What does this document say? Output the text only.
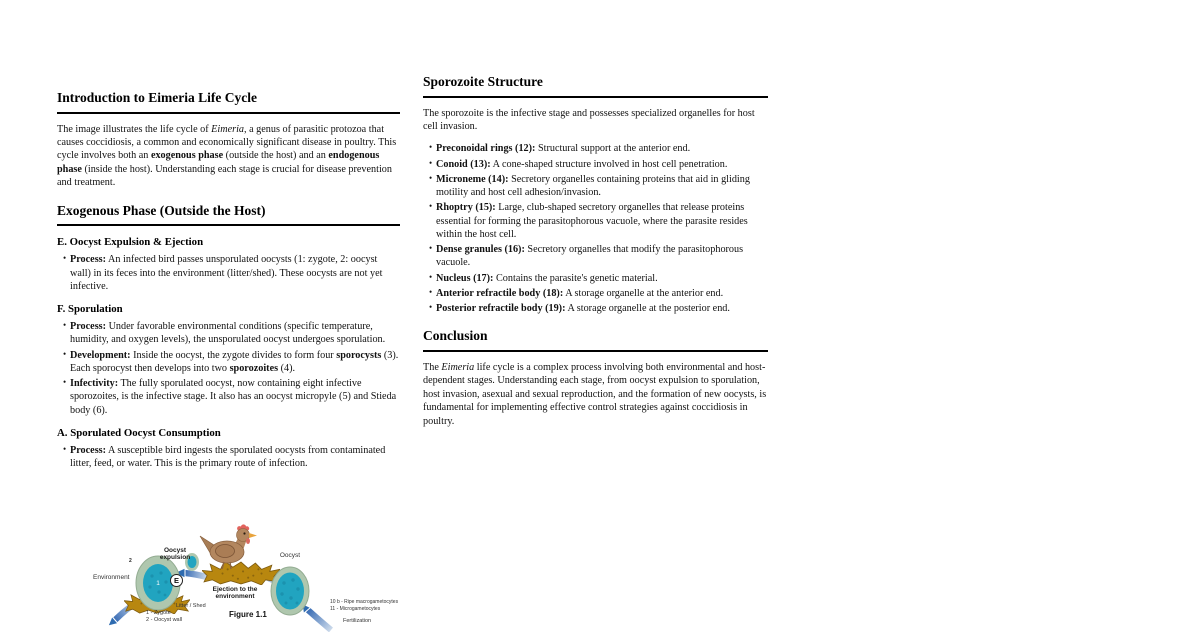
Introduction to Eimeria Life Cycle

The image illustrates the life cycle of Eimeria, a genus of parasitic protozoa that causes coccidiosis, a common and economically significant disease in poultry. This cycle involves both an exogenous phase (outside the host) and an endogenous phase (inside the host). Understanding each stage is crucial for disease prevention and treatment.

Exogenous Phase (Outside the Host)
E. Oocyst Expulsion & Ejection
• Process: An infected bird passes unsporulated oocysts (1: zygote, 2: oocyst wall) in its feces into the environment (litter/shed). These oocysts are not yet infective.
F. Sporulation
• Process: Under favorable environmental conditions (specific temperature, humidity, and oxygen levels), the unsporulated oocyst undergoes sporulation.
• Development: Inside the oocyst, the zygote divides to form four sporocysts (3). Each sporocyst then develops into two sporozoites (4).
• Infectivity: The fully sporulated oocyst, now containing eight infective sporozoites, is the infective stage. It also has an oocyst micropyle (5) and Stieda body (6).
A. Sporulated Oocyst Consumption
• Process: A susceptible bird ingests the sporulated oocysts from contaminated litter, feed, or water. This is the primary route of infection.
Sporozoite Structure

The sporozoite is the infective stage and possesses specialized organelles for host cell invasion.

• Preconoidal rings (12): Structural support at the anterior end.
• Conoid (13): A cone-shaped structure involved in host cell penetration.
• Microneme (14): Secretory organelles containing proteins that aid in gliding motility and host cell adhesion/invasion.
• Rhoptry (15): Large, club-shaped secretory organelles that release proteins essential for forming the parasitophorous vacuole, where the parasite resides within the host cell.
• Dense granules (16): Secretory organelles that modify the parasitophorous vacuole.
• Nucleus (17): Contains the parasite's genetic material.
• Anterior refractile body (18): A storage organelle at the anterior end.
• Posterior refractile body (19): A storage organelle at the posterior end.
Conclusion

The Eimeria life cycle is a complex process involving both environmental and host-dependent stages. Understanding each stage, from oocyst expulsion to sporulation, host invasion, asexual and sexual reproduction, and the formation of new oocysts, is fundamental for implementing effective control strategies against coccidiosis in poultry.

1
2
Oocyst expulsion
Environment	E
Ejection to the environment
Litter / Shed
Oocyst
1 - Zygote
2 - Oocyst wall
10 b - Ripe macrogametocytes
11 - Microgametocytes
Fertilization
Figure 1.1
